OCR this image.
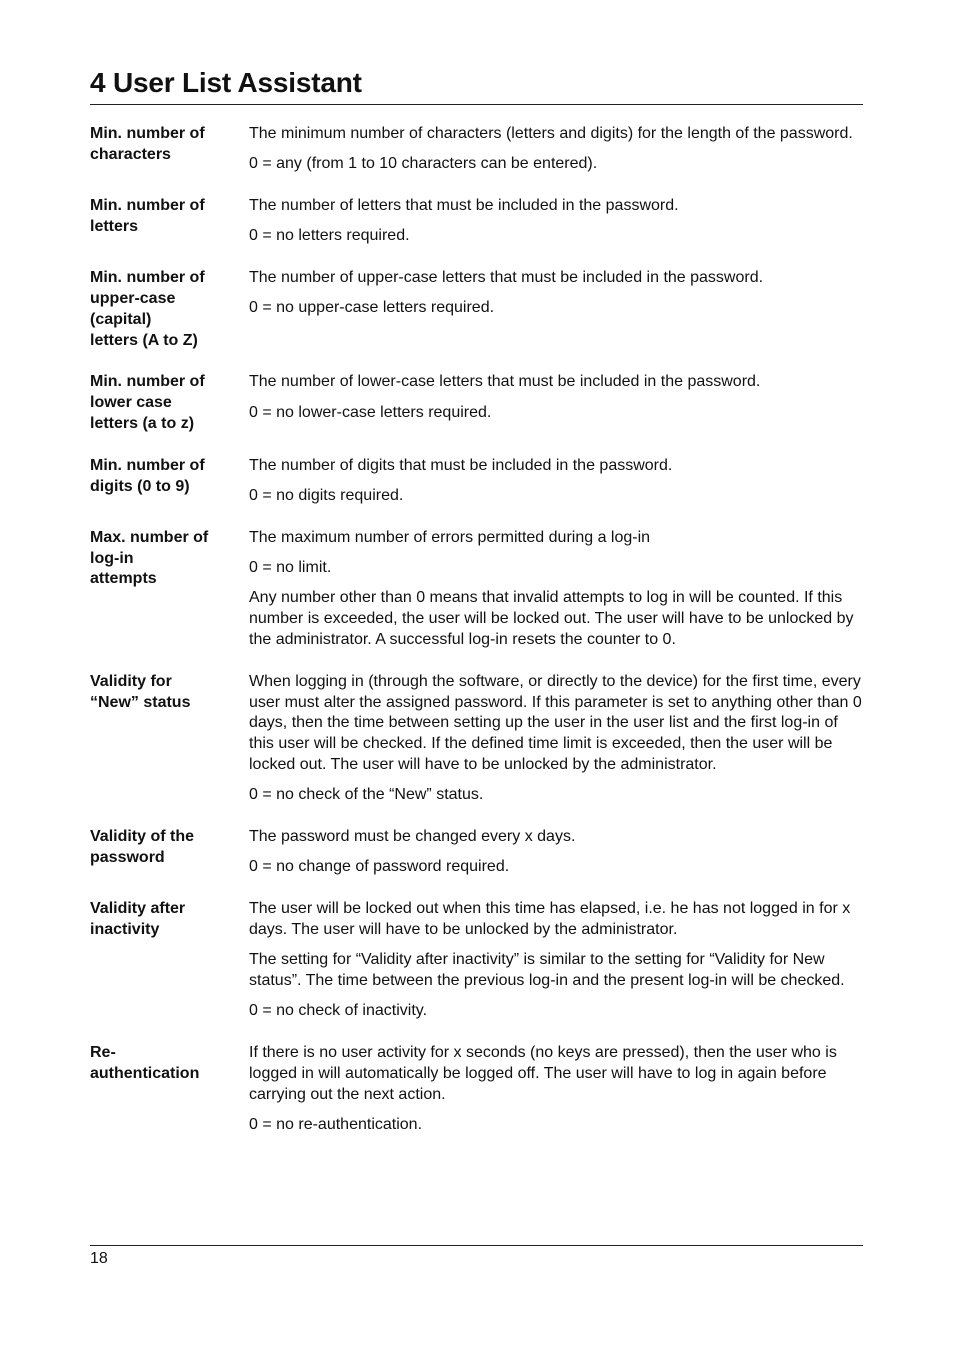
4 User List Assistant
Min. number of
characters

The minimum number of characters (letters and digits) for the length of the password.

0 = any (from 1 to 10 characters can be entered).

Min. number of
letters

The number of letters that must be included in the password.

0 = no letters required.

Min. number of
upper-case
(capital)
letters (A to Z)

The number of upper-case letters that must be included in the password.

0 = no upper-case letters required.

Min. number of
lower case
letters (a to z)

The number of lower-case letters that must be included in the password.

0 = no lower-case letters required.

Min. number of
digits (0 to 9)

The number of digits that must be included in the password.

0 = no digits required.

Max. number of
log-in
attempts

The maximum number of errors permitted during a log-in

0 = no limit.

Any number other than 0 means that invalid attempts to log in will be counted. If this number is exceeded, the user will be locked out. The user will have to be unlocked by the administrator. A successful log-in resets the counter to 0.

Validity for
“New” status

When logging in (through the software, or directly to the device) for the first time, every user must alter the assigned password. If this parameter is set to anything other than 0 days, then the time between setting up the user in the user list and the first log-in of this user will be checked. If the defined time limit is exceeded, then the user will be locked out. The user will have to be unlocked by the administrator.

0 = no check of the “New” status.

Validity of the
password

The password must be changed every x days.

0 = no change of password required.

Validity after
inactivity

The user will be locked out when this time has elapsed, i.e. he has not logged in for x days. The user will have to be unlocked by the administrator.

The setting for “Validity after inactivity” is similar to the setting for “Validity for New status”. The time between the previous log-in and the present log-in will be checked.

0 = no check of inactivity.

Re-
authentication

If there is no user activity for x seconds (no keys are pressed), then the user who is logged in will automatically be logged off. The user will have to log in again before carrying out the next action.

0 = no re-authentication.

18
